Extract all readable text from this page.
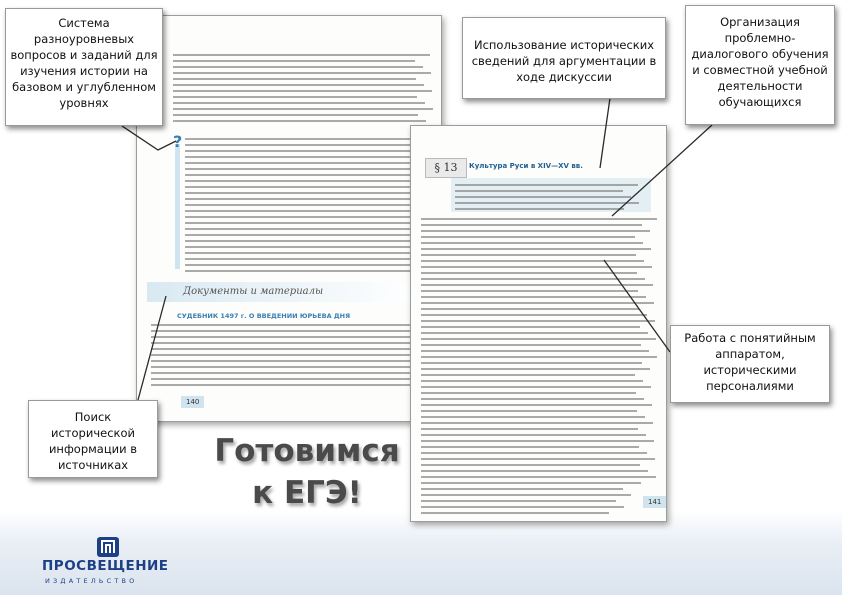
?
Документы и материалы
СУДЕБНИК 1497 г. О ВВЕДЕНИИ ЮРЬЕВА ДНЯ
140
§ 13	Культура Руси в XIV—XV вв.
141
Система разноуровневых вопросов и заданий для изучения истории на базовом и углубленном уровнях
Использование исторических сведений для аргументации в ходе дискуссии
Организация проблемно-диалогового обучения и совместной учебной деятельности обучающихся
Работа с понятийным аппаратом, историческими персоналиями
Поиск исторической информации в источниках	Готовимся
к ЕГЭ!
ПРОСВЕЩЕНИЕ
ИЗДАТЕЛЬСТВО
